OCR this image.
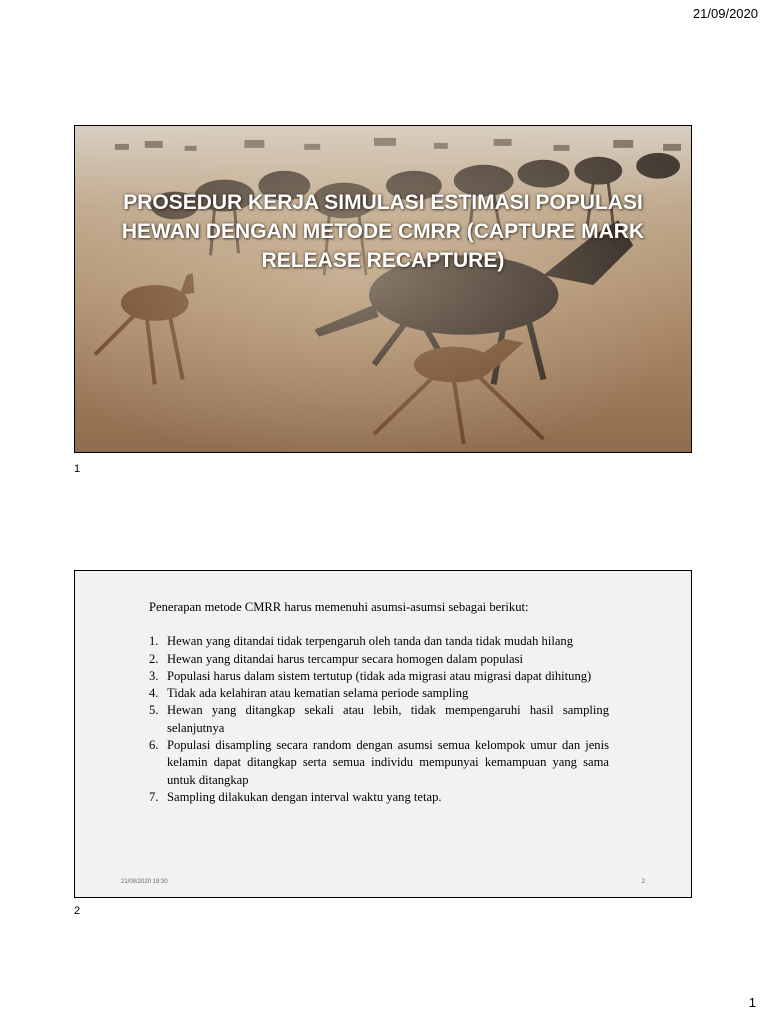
21/09/2020
PROSEDUR KERJA SIMULASI ESTIMASI POPULASI
HEWAN DENGAN METODE CMRR (CAPTURE MARK
RELEASE RECAPTURE)
1

Penerapan metode CMRR harus memenuhi asumsi-asumsi sebagai berikut:

1. Hewan yang ditandai tidak terpengaruh oleh tanda dan tanda tidak mudah hilang
2. Hewan yang ditandai harus tercampur secara homogen dalam populasi
3. Populasi harus dalam sistem tertutup (tidak ada migrasi atau migrasi dapat dihitung)
4. Tidak ada kelahiran atau kematian selama periode sampling
5. Hewan yang ditangkap sekali atau lebih, tidak mempengaruhi hasil sampling selanjutnya
6. Populasi disampling secara random dengan asumsi semua kelompok umur dan jenis kelamin dapat ditangkap serta semua individu mempunyai kemampuan yang sama untuk ditangkap
7. Sampling dilakukan dengan interval waktu yang tetap.
21/09/2020 19:30	2
2
1
